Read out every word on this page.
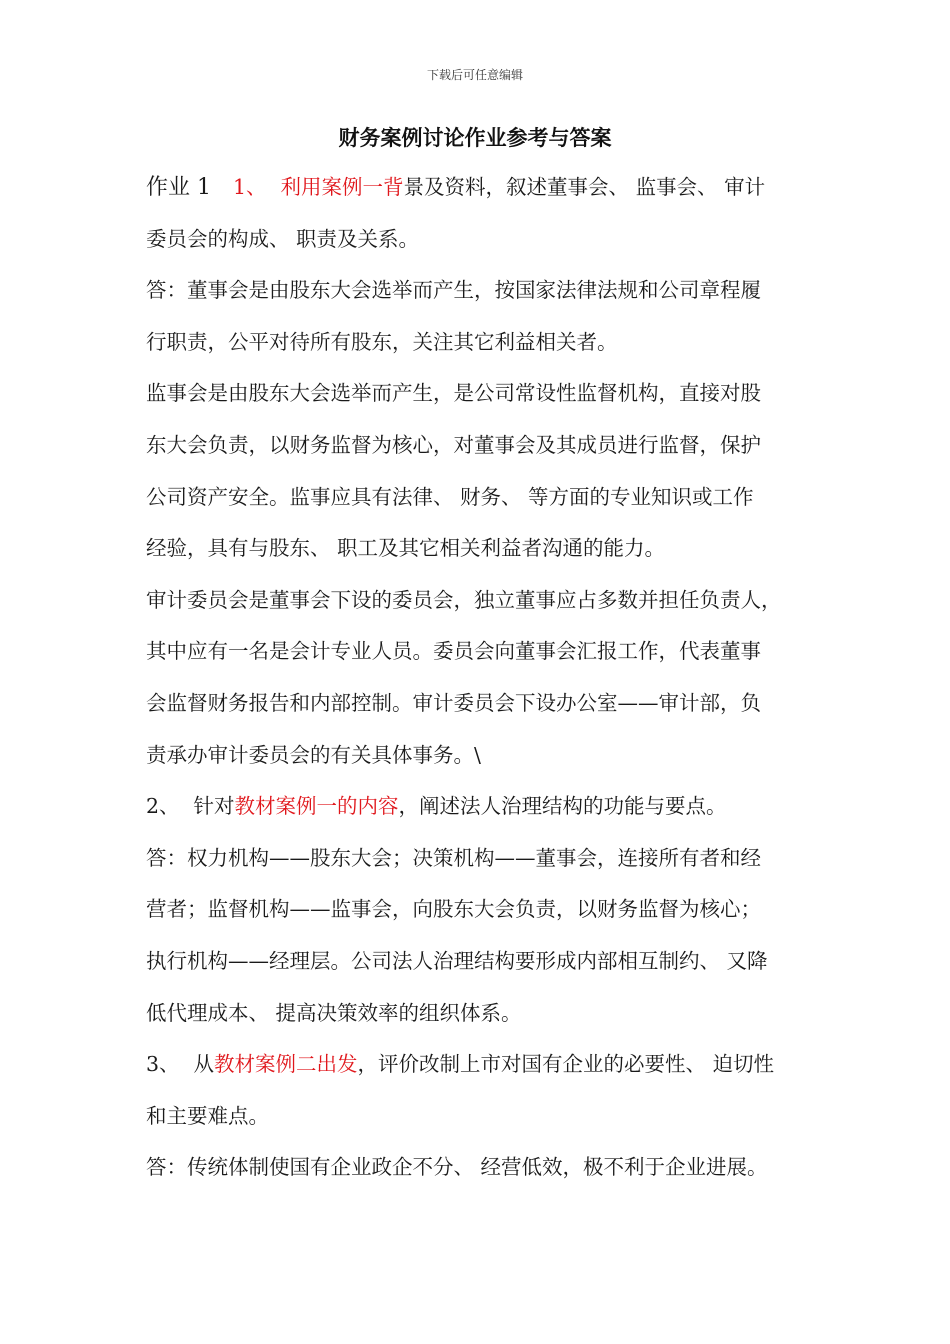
下载后可任意编辑
财务案例讨论作业参考与答案
作业 1 1、 利用案例一背景及资料，叙述董事会、 监事会、 审计
委员会的构成、 职责及关系。
答：董事会是由股东大会选举而产生，按国家法律法规和公司章程履
行职责，公平对待所有股东，关注其它利益相关者。
监事会是由股东大会选举而产生，是公司常设性监督机构，直接对股
东大会负责，以财务监督为核心，对董事会及其成员进行监督，保护
公司资产安全。监事应具有法律、 财务、 等方面的专业知识或工作
经验，具有与股东、 职工及其它相关利益者沟通的能力。
审计委员会是董事会下设的委员会，独立董事应占多数并担任负责人，
其中应有一名是会计专业人员。委员会向董事会汇报工作，代表董事
会监督财务报告和内部控制。审计委员会下设办公室——审计部，负
责承办审计委员会的有关具体事务。\
2、 针对教材案例一的内容，阐述法人治理结构的功能与要点。
答：权力机构——股东大会；决策机构——董事会，连接所有者和经
营者；监督机构——监事会，向股东大会负责，以财务监督为核心；
执行机构——经理层。公司法人治理结构要形成内部相互制约、 又降
低代理成本、 提高决策效率的组织体系。
3、 从教材案例二出发，评价改制上市对国有企业的必要性、 迫切性
和主要难点。
答：传统体制使国有企业政企不分、 经营低效，极不利于企业进展。
